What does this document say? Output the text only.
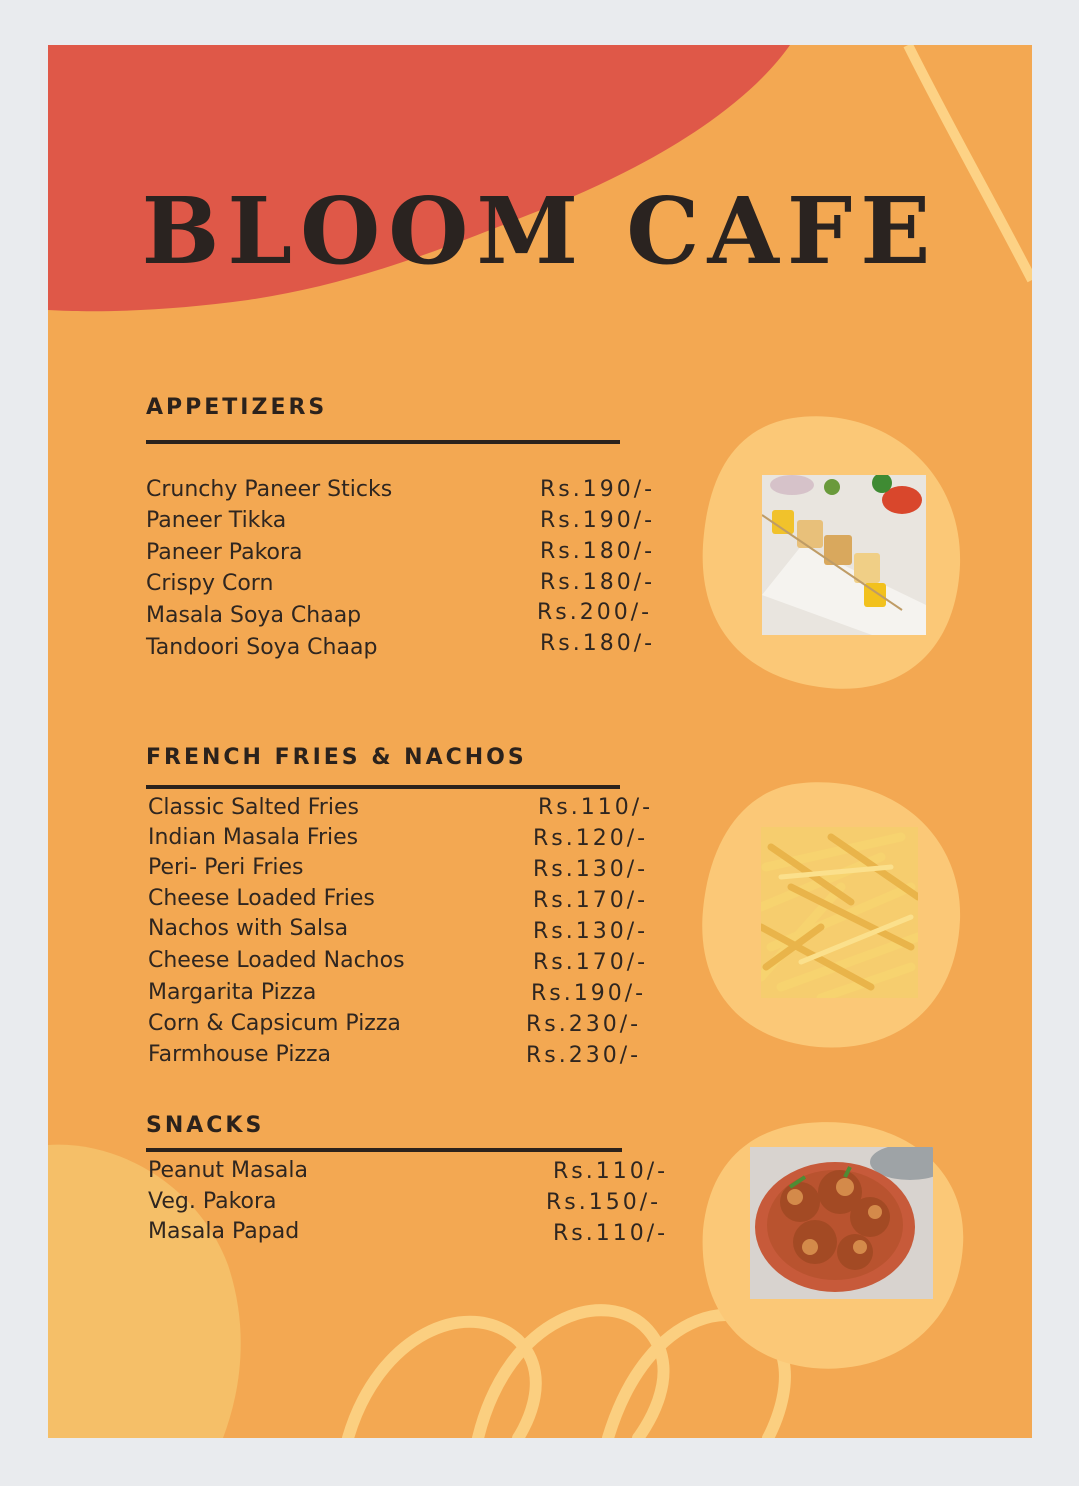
BLOOM CAFE
APPETIZERS
Crunchy Paneer Sticks	Rs.190/-
Paneer Tikka	Rs.190/-
Paneer Pakora	Rs.180/-
Crispy Corn	Rs.180/-
Masala Soya Chaap	Rs.200/-
Tandoori Soya Chaap	Rs.180/-
FRENCH FRIES & NACHOS
Classic Salted Fries	Rs.110/-
Indian Masala Fries	Rs.120/-
Peri- Peri Fries	Rs.130/-
Cheese Loaded Fries	Rs.170/-
Nachos with Salsa	Rs.130/-
Cheese Loaded Nachos	Rs.170/-
Margarita Pizza	Rs.190/-
Corn & Capsicum Pizza	Rs.230/-
Farmhouse Pizza	Rs.230/-
SNACKS
Peanut Masala	Rs.110/-
Veg. Pakora	Rs.150/-
Masala Papad	Rs.110/-
